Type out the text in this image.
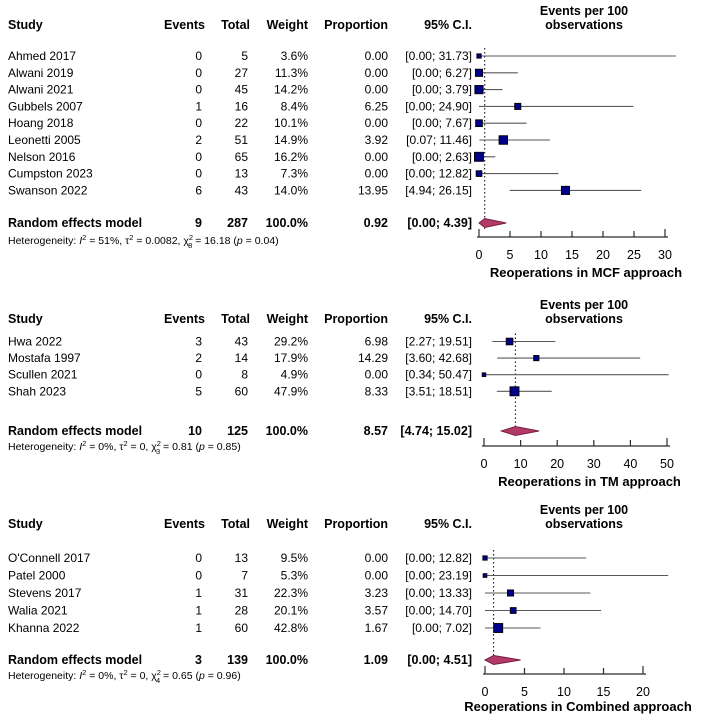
Events per 100
observations
Study	Events Total Weight Proportion	95% C.I.
Ahmed 2017	0	5	3.6%	0.00 [0.00; 31.73]
Alwani 2019	0	27 11.3%	0.00 [0.00; 6.27]
Alwani 2021	0	45 14.2%	0.00 [0.00; 3.79]
Gubbels 2007	1	16	8.4%	6.25 [0.00; 24.90]
Hoang 2018	0	22 10.1%	0.00 [0.00; 7.67]
Leonetti 2005	2	51 14.9%	3.92 [0.07; 11.46]
Nelson 2016	0	65 16.2%	0.00 [0.00; 2.63]
Cumpston 2023	0	13	7.3%	0.00 [0.00; 12.82]
Swanson 2022	6	43 14.0%	13.95 [4.94; 26.15]
Random effects model	9 287 100.0%	0.92 [0.00; 4.39]
Heterogeneity: $I^2 = 51\%$, $\tau^2 = 0.0082$, $\chi^2$ 8 = 16.18 (p = 0.04)
0 5 10 15 20 25 30
Reoperations in MCF approach
Events per 100
observations
Study	Events Total Weight Proportion	95% C.I.
Hwa 2022	3	43 29.2%	6.98 [2.27; 19.51]
Mostafa 1997	2	14 17.9%	14.29 [3.60; 42.68]
Scullen 2021	0	8	4.9%	0.00 [0.34; 50.47]
Shah 2023	5	60 47.9%	8.33 [3.51; 18.51]
Random effects model	10 125 100.0%	8.57 [4.74; 15.02]
Heterogeneity: $I^2 = 0\%$, $\tau^2 = 0$, $\chi^2$ 3 = 0.81 (p = 0.85)
0 10 20 30 40 50
Reoperations in TM approach
Events per 100
observations
Study	Events Total Weight Proportion	95% C.I.
O'Connell 2017	0	13	9.5%	0.00 [0.00; 12.82]
Patel 2000	0	7	5.3%	0.00 [0.00; 23.19]
Stevens 2017	1	31 22.3%	3.23 [0.00; 13.33]
Walia 2021	1	28 20.1%	3.57 [0.00; 14.70]
Khanna 2022	1	60 42.8%	1.67 [0.00; 7.02]
Random effects model	3 139 100.0%	1.09 [0.00; 4.51]
Heterogeneity: $I^2 = 0\%$, $\tau^2 = 0$, $\chi^2$ 4 = 0.65 (p = 0.96)
0	5 10 15 20
Reoperations in Combined approach
